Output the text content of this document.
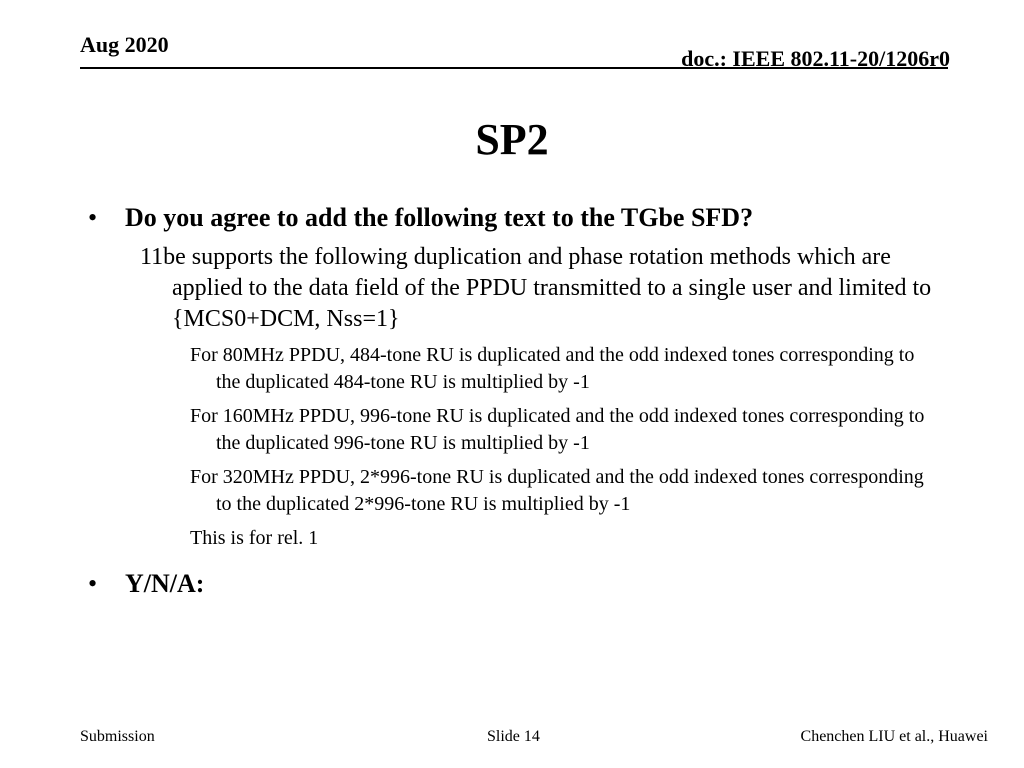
Aug 2020
doc.: IEEE 802.11-20/1206r0
SP2
• Do you agree to add the following text to the TGbe SFD?
11be supports the following duplication and phase rotation methods which are applied to the data field of the PPDU transmitted to a single user and limited to {MCS0+DCM, Nss=1}
For 80MHz PPDU, 484-tone RU is duplicated and the odd indexed tones corresponding to the duplicated 484-tone RU is multiplied by -1
For 160MHz PPDU, 996-tone RU is duplicated and the odd indexed tones corresponding to the duplicated 996-tone RU is multiplied by -1
For 320MHz PPDU, 2*996-tone RU is duplicated and the odd indexed tones corresponding to the duplicated 2*996-tone RU is multiplied by -1
This is for rel. 1
• Y/N/A:
Submission	Slide 14	Chenchen LIU et al., Huawei
